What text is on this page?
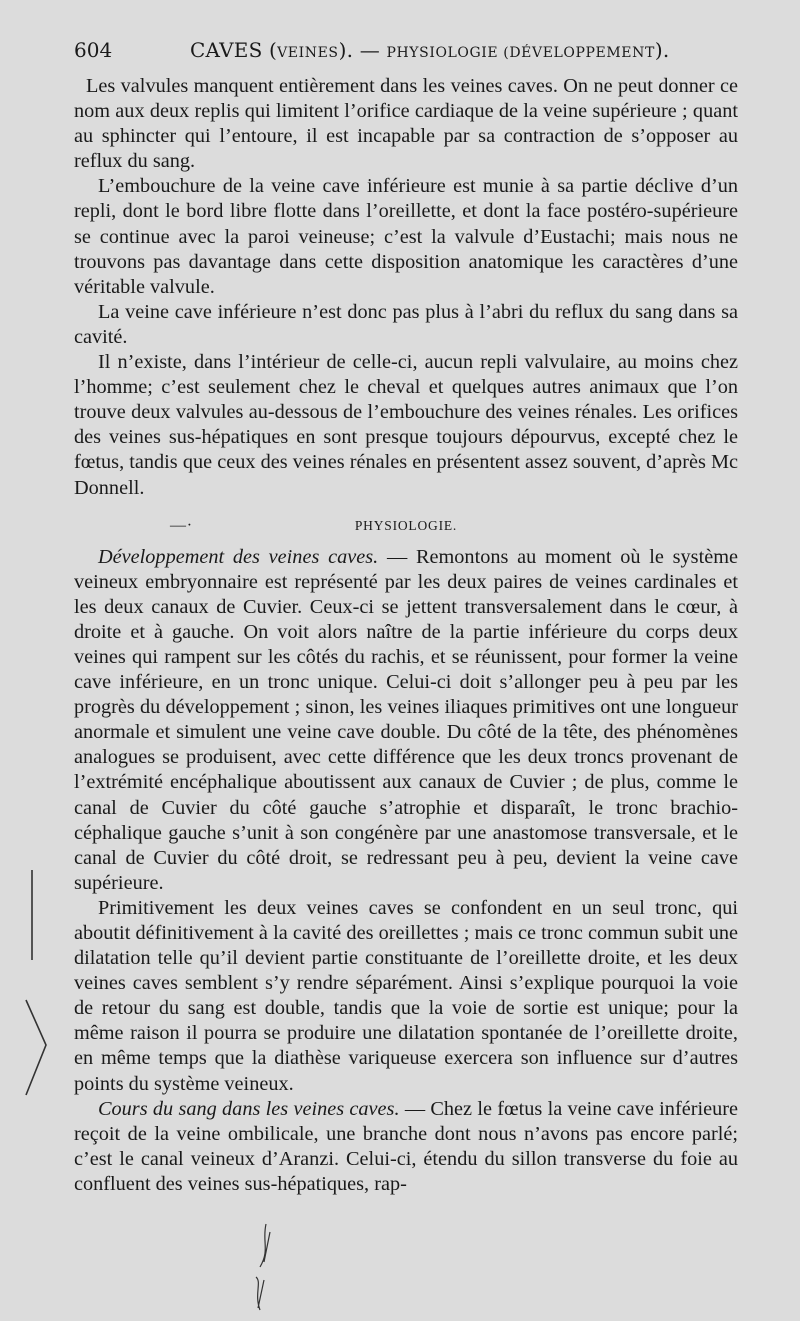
604	CAVES (VEINES). — PHYSIOLOGIE (DÉVELOPPEMENT).

Les valvules manquent entièrement dans les veines caves. On ne peut donner ce nom aux deux replis qui limitent l’orifice cardiaque de la veine supérieure ; quant au sphincter qui l’entoure, il est incapable par sa contraction de s’opposer au reflux du sang.

L’embouchure de la veine cave inférieure est munie à sa partie déclive d’un repli, dont le bord libre flotte dans l’oreillette, et dont la face postéro-supérieure se continue avec la paroi veineuse; c’est la valvule d’Eustachi; mais nous ne trouvons pas davantage dans cette disposition anatomique les caractères d’une véritable valvule.

La veine cave inférieure n’est donc pas plus à l’abri du reflux du sang dans sa cavité.

Il n’existe, dans l’intérieur de celle-ci, aucun repli valvulaire, au moins chez l’homme; c’est seulement chez le cheval et quelques autres animaux que l’on trouve deux valvules au-dessous de l’embouchure des veines rénales. Les orifices des veines sus-hépatiques en sont presque toujours dépourvus, excepté chez le fœtus, tandis que ceux des veines rénales en présentent assez souvent, d’après Mc Donnell.

—·	PHYSIOLOGIE.

Développement des veines caves. — Remontons au moment où le système veineux embryonnaire est représenté par les deux paires de veines cardinales et les deux canaux de Cuvier. Ceux-ci se jettent transversalement dans le cœur, à droite et à gauche. On voit alors naître de la partie inférieure du corps deux veines qui rampent sur les côtés du rachis, et se réunissent, pour former la veine cave inférieure, en un tronc unique. Celui-ci doit s’allonger peu à peu par les progrès du développement ; sinon, les veines iliaques primitives ont une longueur anormale et simulent une veine cave double. Du côté de la tête, des phénomènes analogues se produisent, avec cette différence que les deux troncs provenant de l’extrémité encéphalique aboutissent aux canaux de Cuvier ; de plus, comme le canal de Cuvier du côté gauche s’atrophie et disparaît, le tronc brachio-céphalique gauche s’unit à son congénère par une anastomose transversale, et le canal de Cuvier du côté droit, se redressant peu à peu, devient la veine cave supérieure.

Primitivement les deux veines caves se confondent en un seul tronc, qui aboutit définitivement à la cavité des oreillettes ; mais ce tronc commun subit une dilatation telle qu’il devient partie constituante de l’oreillette droite, et les deux veines caves semblent s’y rendre séparément. Ainsi s’explique pourquoi la voie de retour du sang est double, tandis que la voie de sortie est unique; pour la même raison il pourra se produire une dilatation spontanée de l’oreillette droite, en même temps que la diathèse variqueuse exercera son influence sur d’autres points du système veineux.

Cours du sang dans les veines caves. — Chez le fœtus la veine cave inférieure reçoit de la veine ombilicale, une branche dont nous n’avons pas encore parlé; c’est le canal veineux d’Aranzi. Celui-ci, étendu du sillon transverse du foie au confluent des veines sus-hépatiques, rap-
